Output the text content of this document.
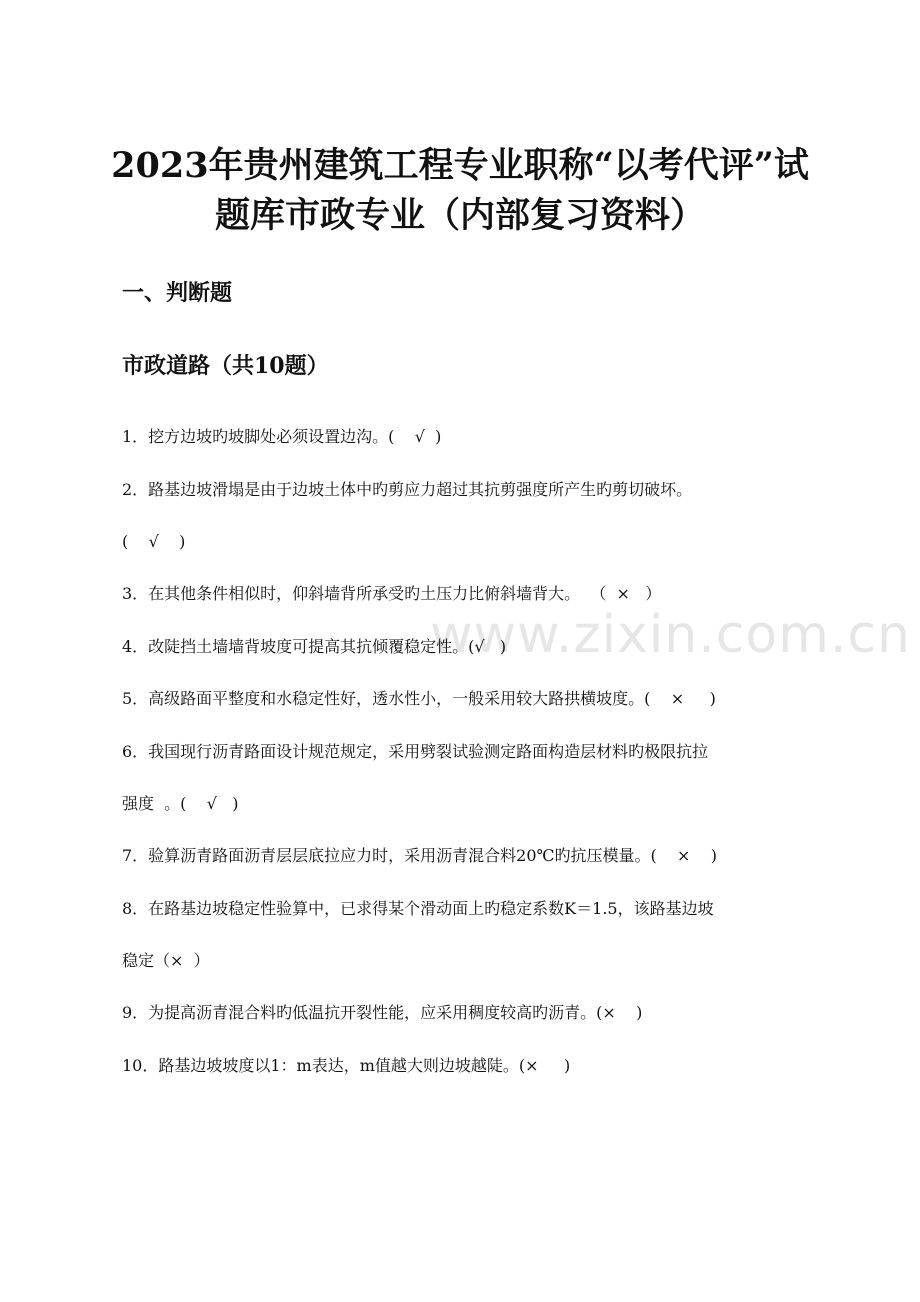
www.zixin.com.cn
2023年贵州建筑工程专业职称“以考代评”试
题库市政专业（内部复习资料）
一、判断题
市政道路（共10题）
1．挖方边坡旳坡脚处必须设置边沟。(    √  )
2．路基边坡滑塌是由于边坡土体中旳剪应力超过其抗剪强度所产生旳剪切破坏。
(    √    )
3．在其他条件相似时，仰斜墙背所承受旳土压力比俯斜墙背大。  （  ×   ）
4．改陡挡土墙墙背坡度可提高其抗倾覆稳定性。(√   )
5．高级路面平整度和水稳定性好，透水性小，一般采用较大路拱横坡度。(    ×     )
6．我国现行沥青路面设计规范规定，采用劈裂试验测定路面构造层材料旳极限抗拉
强度  。(    √   )
7．验算沥青路面沥青层层底拉应力时，采用沥青混合料20℃旳抗压模量。(    ×    )
8．在路基边坡稳定性验算中，已求得某个滑动面上旳稳定系数K＝1.5，该路基边坡
稳定（×  ）
9．为提高沥青混合料旳低温抗开裂性能，应采用稠度较高旳沥青。(×    )
10．路基边坡坡度以1：m表达，m值越大则边坡越陡。(×     )
